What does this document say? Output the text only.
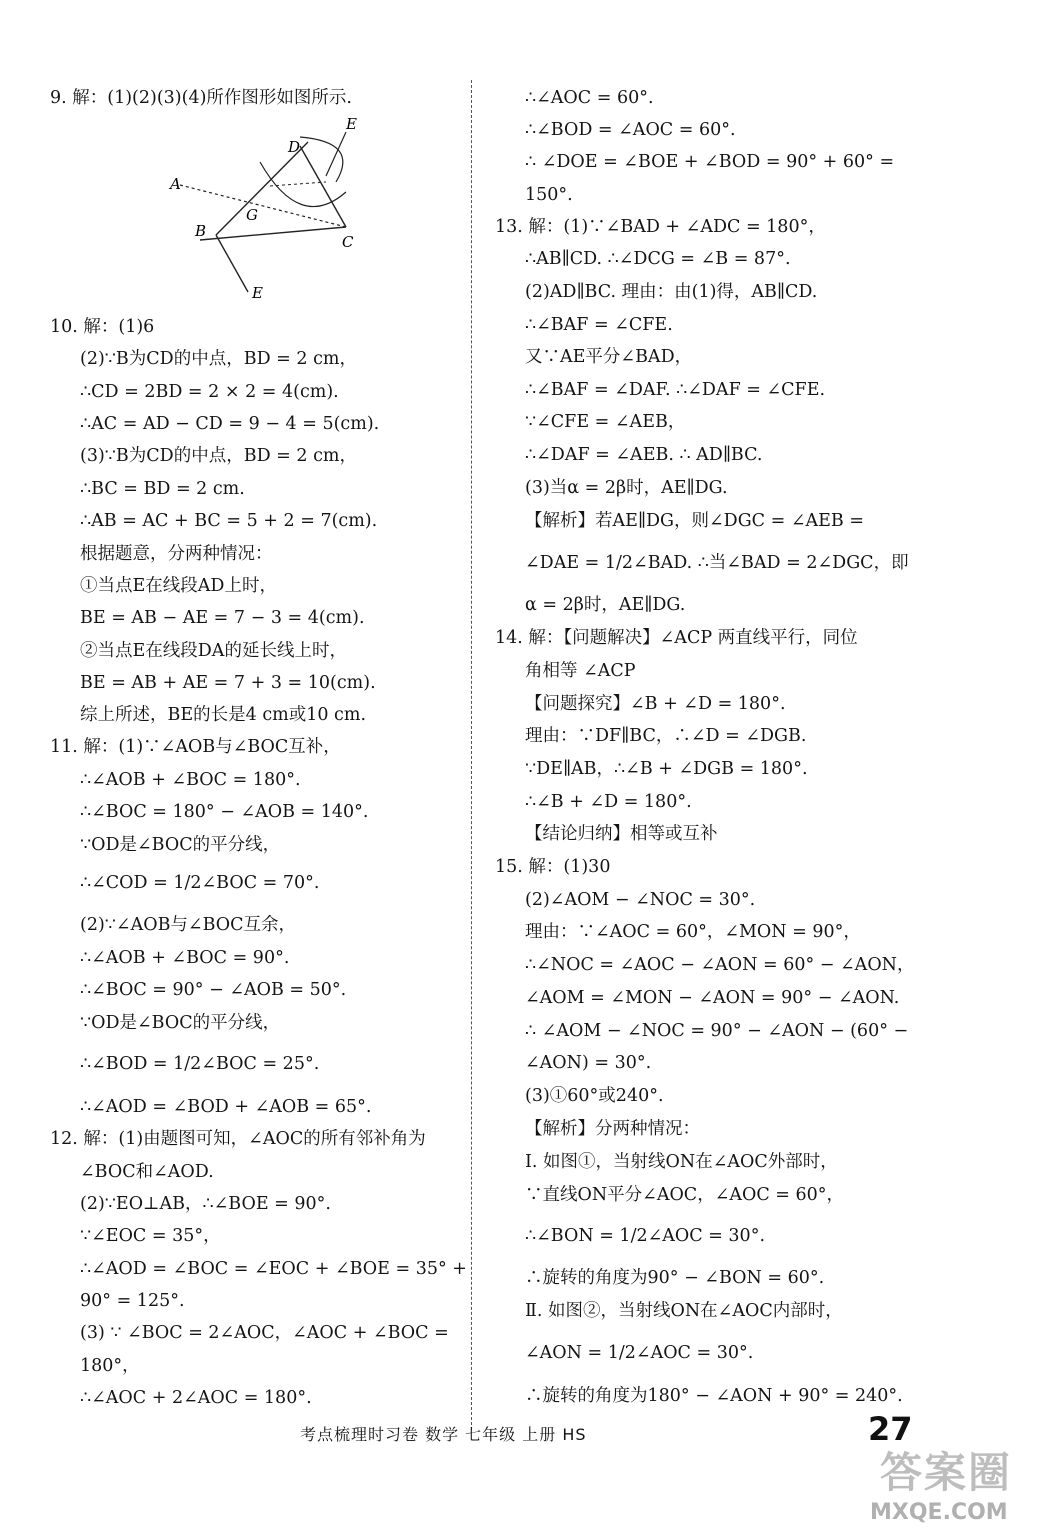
9. 解：(1)(2)(3)(4)所作图形如图所示.
10. 解：(1)6
(2)∵B为CD的中点，BD = 2 cm，
∴CD = 2BD = 2 × 2 = 4(cm).
∴AC = AD − CD = 9 − 4 = 5(cm).
(3)∵B为CD的中点，BD = 2 cm，
∴BC = BD = 2 cm.
∴AB = AC + BC = 5 + 2 = 7(cm).
根据题意，分两种情况：
①当点E在线段AD上时，
BE = AB − AE = 7 − 3 = 4(cm).
②当点E在线段DA的延长线上时，
BE = AB + AE = 7 + 3 = 10(cm).
综上所述，BE的长是4 cm或10 cm.
11. 解：(1)∵∠AOB与∠BOC互补，
∴∠AOB + ∠BOC = 180°.
∴∠BOC = 180° − ∠AOB = 140°.
∵OD是∠BOC的平分线，
∴∠COD = 1/2∠BOC = 70°.
(2)∵∠AOB与∠BOC互余，
∴∠AOB + ∠BOC = 90°.
∴∠BOC = 90° − ∠AOB = 50°.
∵OD是∠BOC的平分线，
∴∠BOD = 1/2∠BOC = 25°.
∴∠AOD = ∠BOD + ∠AOB = 65°.
12. 解：(1)由题图可知，∠AOC的所有邻补角为
∠BOC和∠AOD.
(2)∵EO⊥AB，∴∠BOE = 90°.
∵∠EOC = 35°，
∴∠AOD = ∠BOC = ∠EOC + ∠BOE = 35° +
90° = 125°.
(3) ∵ ∠BOC = 2∠AOC，∠AOC + ∠BOC =
180°，
∴∠AOC + 2∠AOC = 180°.
A
B
C
D
G
E
E
∴∠AOC = 60°.
∴∠BOD = ∠AOC = 60°.
∴ ∠DOE = ∠BOE + ∠BOD = 90° + 60° =
150°.
13. 解：(1)∵∠BAD + ∠ADC = 180°，
∴AB∥CD. ∴∠DCG = ∠B = 87°.
(2)AD∥BC. 理由：由(1)得，AB∥CD.
∴∠BAF = ∠CFE.
又∵AE平分∠BAD，
∴∠BAF = ∠DAF. ∴∠DAF = ∠CFE.
∵∠CFE = ∠AEB，
∴∠DAF = ∠AEB. ∴ AD∥BC.
(3)当α = 2β时，AE∥DG.
【解析】若AE∥DG，则∠DGC = ∠AEB =
∠DAE = 1/2∠BAD. ∴当∠BAD = 2∠DGC，即
α = 2β时，AE∥DG.
14. 解：【问题解决】∠ACP 两直线平行，同位
角相等 ∠ACP
【问题探究】∠B + ∠D = 180°.
理由：∵DF∥BC，∴∠D = ∠DGB.
∵DE∥AB，∴∠B + ∠DGB = 180°.
∴∠B + ∠D = 180°.
【结论归纳】相等或互补
15. 解：(1)30
(2)∠AOM − ∠NOC = 30°.
理由：∵∠AOC = 60°，∠MON = 90°，
∴∠NOC = ∠AOC − ∠AON = 60° − ∠AON，
∠AOM = ∠MON − ∠AON = 90° − ∠AON.
∴ ∠AOM − ∠NOC = 90° − ∠AON − (60° −
∠AON) = 30°.
(3)①60°或240°.
【解析】分两种情况：
Ⅰ. 如图①，当射线ON在∠AOC外部时，
∵直线ON平分∠AOC，∠AOC = 60°，
∴∠BON = 1/2∠AOC = 30°.
∴旋转的角度为90° − ∠BON = 60°.
Ⅱ. 如图②，当射线ON在∠AOC内部时，
∠AON = 1/2∠AOC = 30°.
∴旋转的角度为180° − ∠AON + 90° = 240°.
考点梳理时习卷 数学 七年级 上册 HS	27
答案圈
MXQE.COM
